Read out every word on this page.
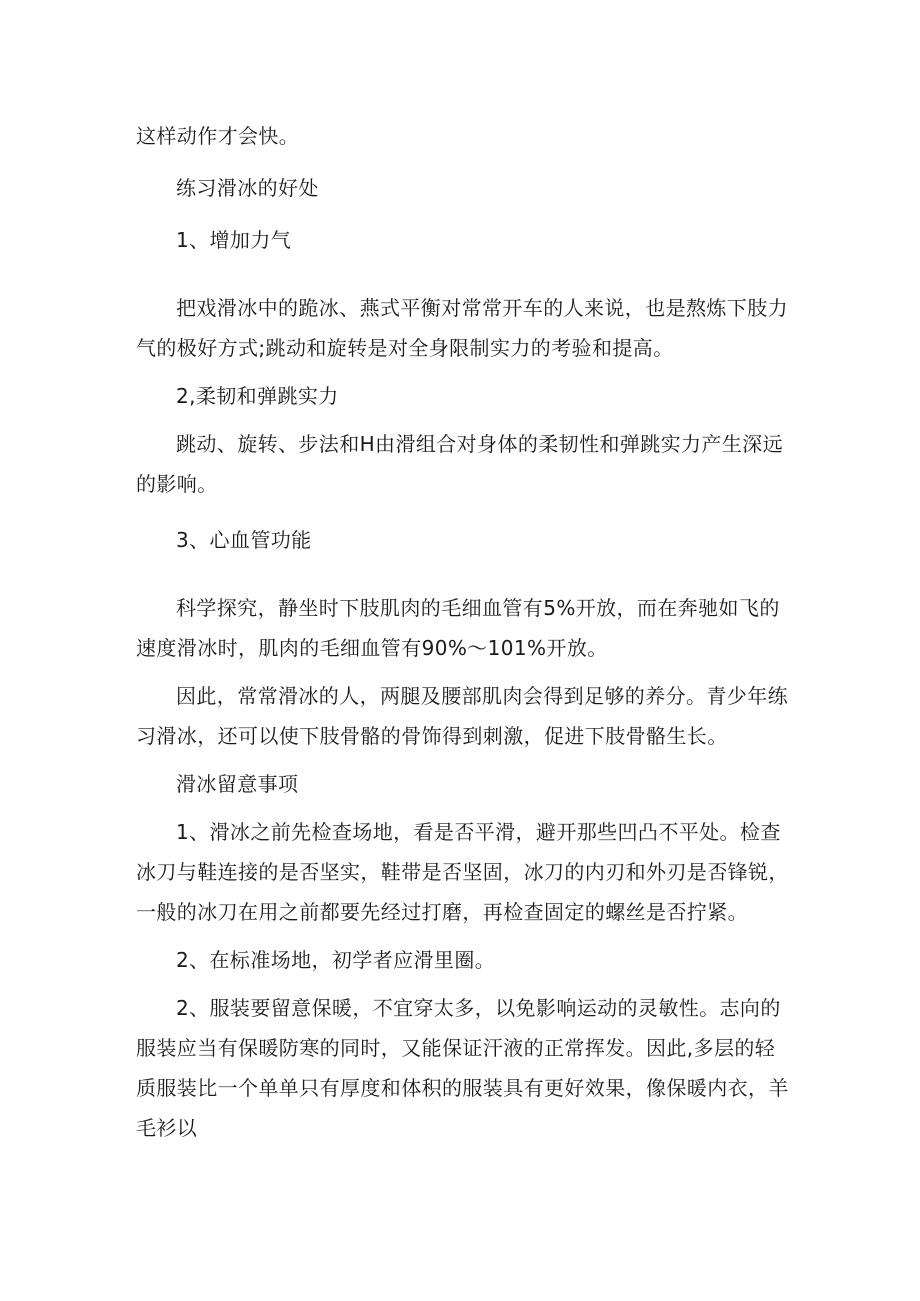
这样动作才会快。

练习滑冰的好处

1、增加力气

把戏滑冰中的跪冰、燕式平衡对常常开车的人来说，也是熬炼下肢力气的极好方式;跳动和旋转是对全身限制实力的考验和提高。

2,柔韧和弹跳实力

跳动、旋转、步法和H由滑组合对身体的柔韧性和弹跳实力产生深远的影响。

3、心血管功能

科学探究，静坐时下肢肌肉的毛细血管有5%开放，而在奔驰如飞的速度滑冰时，肌肉的毛细血管有90%～101%开放。

因此，常常滑冰的人，两腿及腰部肌肉会得到足够的养分。青少年练习滑冰，还可以使下肢骨骼的骨饰得到刺激，促进下肢骨骼生长。

滑冰留意事项

1、滑冰之前先检查场地，看是否平滑，避开那些凹凸不平处。检查冰刀与鞋连接的是否坚实，鞋带是否坚固，冰刀的内刃和外刃是否锋锐，一般的冰刀在用之前都要先经过打磨，再检查固定的螺丝是否拧紧。

2、在标准场地，初学者应滑里圈。

2、服装要留意保暖，不宜穿太多，以免影响运动的灵敏性。志向的服装应当有保暖防寒的同时，又能保证汗液的正常挥发。因此,多层的轻质服装比一个单单只有厚度和体积的服装具有更好效果，像保暖内衣，羊毛衫以
